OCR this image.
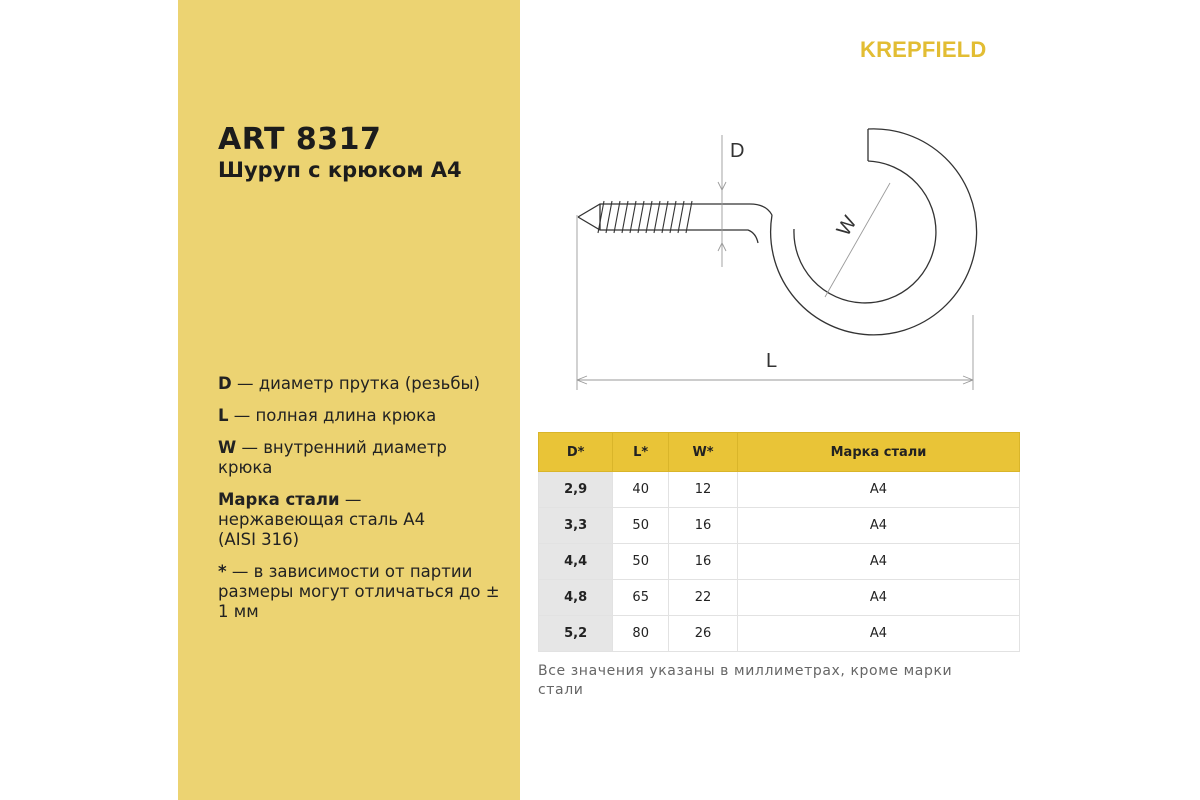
ART 8317
Шуруп с крюком А4
D — диаметр прутка (резьбы)
L — полная длина крюка
W — внутренний диаметр крюка
Марка стали — нержавеющая сталь А4 (AISI 316)
* — в зависимости от партии размеры могут отличаться до ± 1 мм
KREPFIELD
D
W
L
D*	L*	W*	Марка стали
2,9	40	12	A4
3,3	50	16	A4
4,4	50	16	A4
4,8	65	22	A4
5,2	80	26	A4
Все значения указаны в миллиметрах, кроме марки стали
